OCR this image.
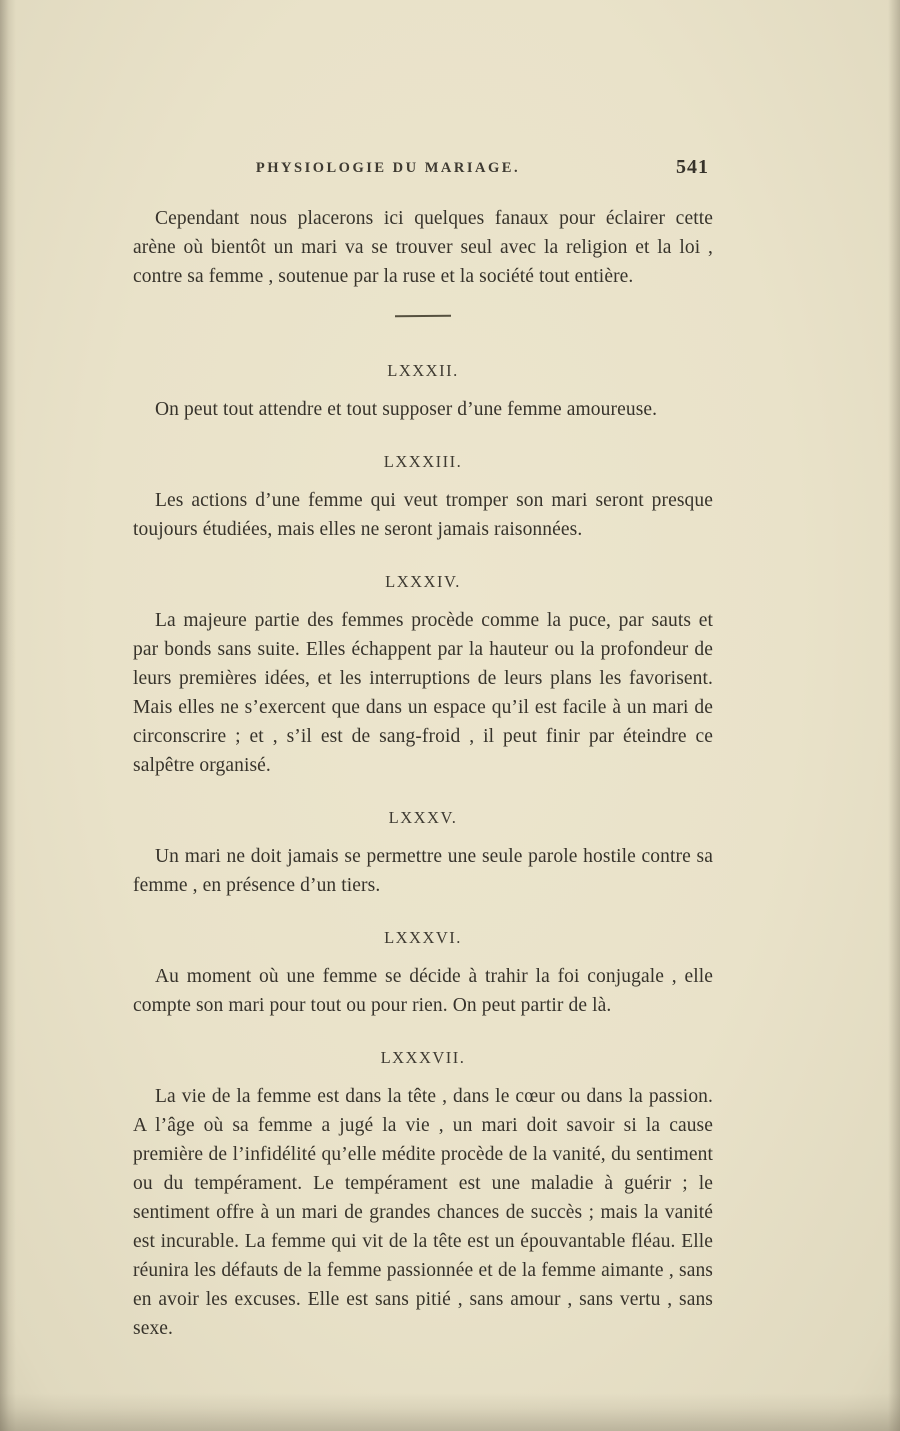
PHYSIOLOGIE DU MARIAGE.	541

Cependant nous placerons ici quelques fanaux pour éclairer cette arène où bientôt un mari va se trouver seul avec la religion et la loi , contre sa femme , soutenue par la ruse et la société tout entière.

LXXXII.

On peut tout attendre et tout supposer d’une femme amoureuse.

LXXXIII.

Les actions d’une femme qui veut tromper son mari seront presque toujours étudiées, mais elles ne seront jamais raisonnées.

LXXXIV.

La majeure partie des femmes procède comme la puce, par sauts et par bonds sans suite. Elles échappent par la hauteur ou la profondeur de leurs premières idées, et les interruptions de leurs plans les favorisent. Mais elles ne s’exercent que dans un espace qu’il est facile à un mari de circonscrire ; et , s’il est de sang-froid , il peut finir par éteindre ce salpêtre organisé.

LXXXV.

Un mari ne doit jamais se permettre une seule parole hostile contre sa femme , en présence d’un tiers.

LXXXVI.

Au moment où une femme se décide à trahir la foi conjugale , elle compte son mari pour tout ou pour rien. On peut partir de là.

LXXXVII.

La vie de la femme est dans la tête , dans le cœur ou dans la passion. A l’âge où sa femme a jugé la vie , un mari doit savoir si la cause première de l’infidélité qu’elle médite procède de la vanité, du sentiment ou du tempérament. Le tempérament est une maladie à guérir ; le sentiment offre à un mari de grandes chances de succès ; mais la vanité est incurable. La femme qui vit de la tête est un épouvantable fléau. Elle réunira les défauts de la femme passionnée et de la femme aimante , sans en avoir les excuses. Elle est sans pitié , sans amour , sans vertu , sans sexe.
